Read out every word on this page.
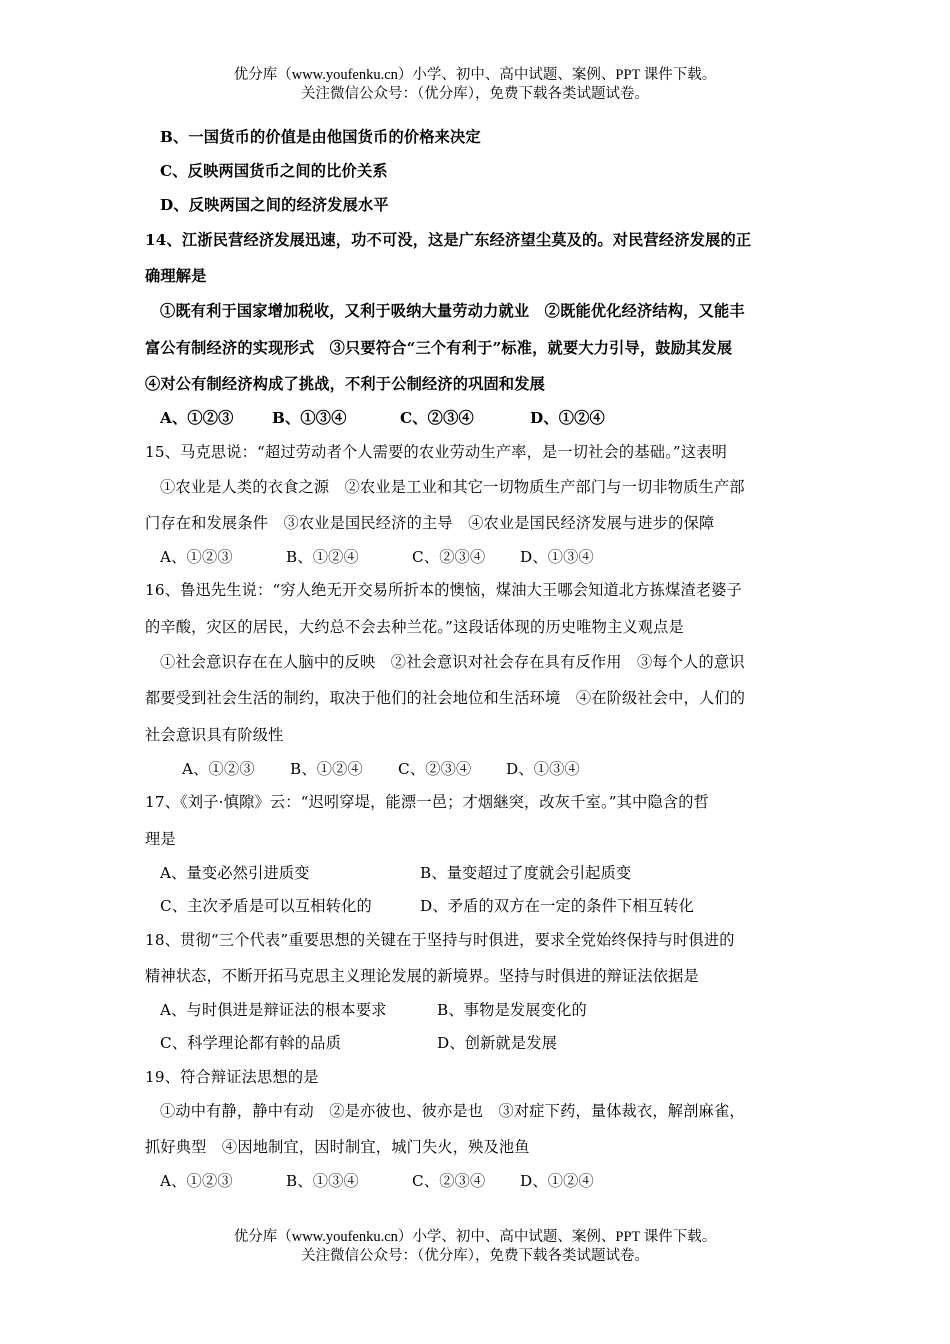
优分库（www.youfenku.cn）小学、初中、高中试题、案例、PPT 课件下载。
关注微信公众号：（优分库），免费下载各类试题试卷。
B、一国货币的价值是由他国货币的价格来决定
C、反映两国货币之间的比价关系
D、反映两国之间的经济发展水平
14、江浙民营经济发展迅速，功不可没，这是广东经济望尘莫及的。对民营经济发展的正
确理解是
①既有利于国家增加税收，又利于吸纳大量劳动力就业　②既能优化经济结构，又能丰
富公有制经济的实现形式　③只要符合“三个有利于”标准，就要大力引导，鼓励其发展
④对公有制经济构成了挑战，不利于公制经济的巩固和发展
A、①②③	B、①③④	C、②③④	D、①②④
15、马克思说：“超过劳动者个人需要的农业劳动生产率，是一切社会的基础。”这表明
①农业是人类的衣食之源　②农业是工业和其它一切物质生产部门与一切非物质生产部
门存在和发展条件　③农业是国民经济的主导　④农业是国民经济发展与进步的保障
A、①②③	B、①②④	C、②③④ D、①③④
16、鲁迅先生说：“穷人绝无开交易所折本的懊恼，煤油大王哪会知道北方拣煤渣老婆子
的辛酸，灾区的居民，大约总不会去种兰花。”这段话体现的历史唯物主义观点是
①社会意识存在在人脑中的反映　②社会意识对社会存在具有反作用　③每个人的意识
都要受到社会生活的制约，取决于他们的社会地位和生活环境　④在阶级社会中，人们的
社会意识具有阶级性
A、①②③ B、①②④ C、②③④ D、①③④
17、《刘子·慎隙》云：“迟吲穿堤，能漂一邑；才烟継突，改灰千室。”其中隐含的哲
理是
A、量变必然引进质变	B、量变超过了度就会引起质变
C、主次矛盾是可以互相转化的	D、矛盾的双方在一定的条件下相互转化
18、贯彻“三个代表”重要思想的关键在于坚持与时俱进，要求全党始终保持与时俱进的
精神状态，不断开拓马克思主义理论发展的新境界。坚持与时俱进的辩证法依据是
A、与时俱进是辩证法的根本要求	B、事物是发展变化的
C、科学理论都有斡的品质	D、创新就是发展
19、符合辩证法思想的是
①动中有静，静中有动　②是亦彼也、彼亦是也　③对症下药，量体裁衣，解剖麻雀，
抓好典型　④因地制宜，因时制宜，城门失火，殃及池鱼
A、①②③	B、①③④	C、②③④ D、①②④
优分库（www.youfenku.cn）小学、初中、高中试题、案例、PPT 课件下载。
关注微信公众号：（优分库），免费下载各类试题试卷。
